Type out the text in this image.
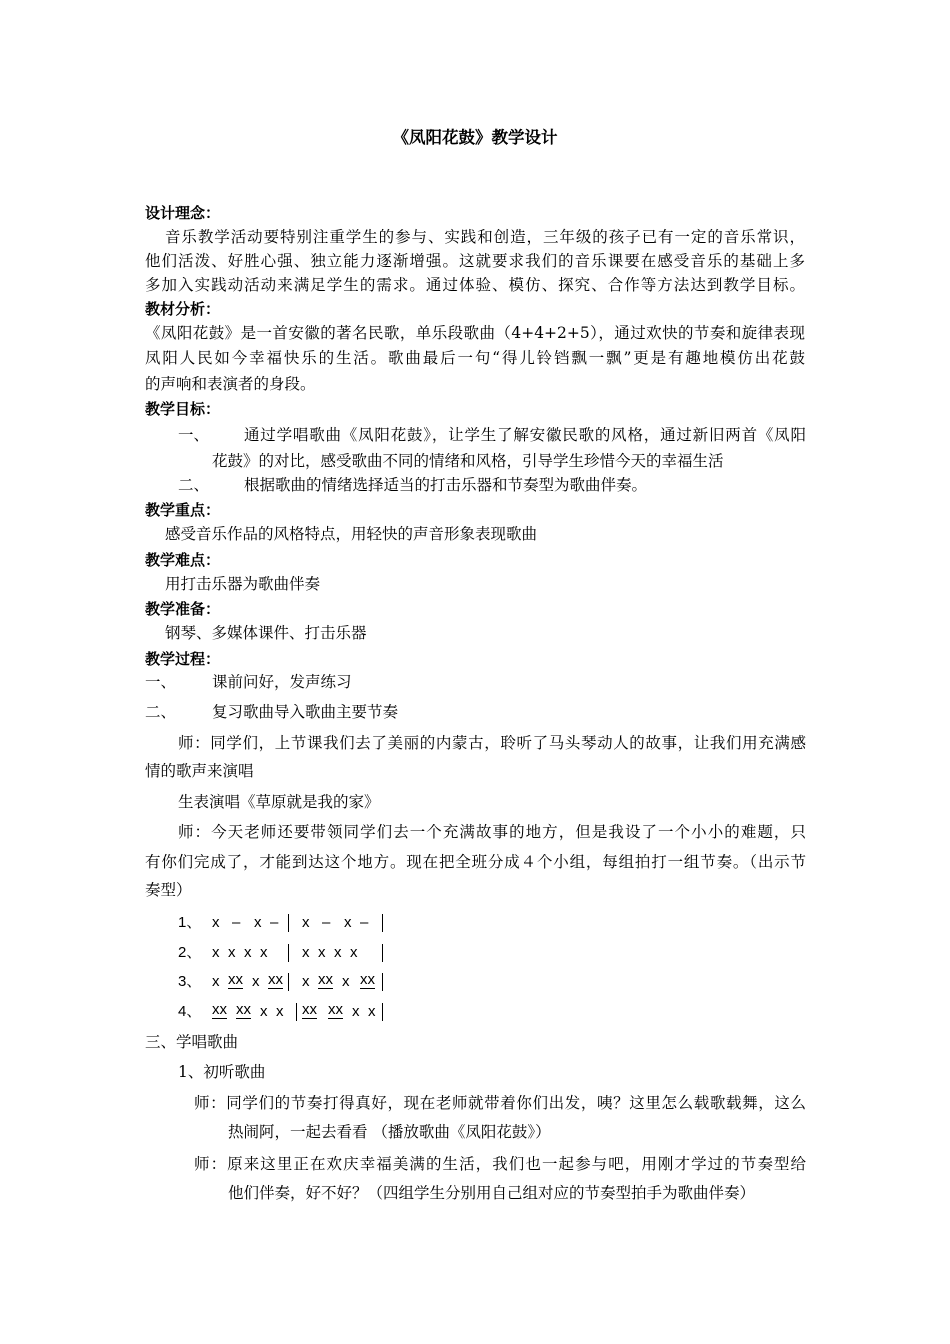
《凤阳花鼓》教学设计
设计理念：
音乐教学活动要特别注重学生的参与、实践和创造，三年级的孩子已有一定的音乐常识，
他们活泼、好胜心强、独立能力逐渐增强。这就要求我们的音乐课要在感受音乐的基础上多
多加入实践动活动来满足学生的需求。通过体验、模仿、探究、合作等方法达到教学目标。
教材分析：
《凤阳花鼓》是一首安徽的著名民歌，单乐段歌曲（4+4+2+5），通过欢快的节奏和旋律表现
凤阳人民如今幸福快乐的生活。歌曲最后一句“得儿铃铛飘一飘”更是有趣地模仿出花鼓
的声响和表演者的身段。
教学目标：
一、 通过学唱歌曲《凤阳花鼓》，让学生了解安徽民歌的风格，通过新旧两首《凤阳
花鼓》的对比，感受歌曲不同的情绪和风格，引导学生珍惜今天的幸福生活
二、 根据歌曲的情绪选择适当的打击乐器和节奏型为歌曲伴奏。
教学重点：
感受音乐作品的风格特点，用轻快的声音形象表现歌曲
教学难点：
用打击乐器为歌曲伴奏
教学准备：
钢琴、多媒体课件、打击乐器
教学过程：
一、 课前问好，发声练习
二、 复习歌曲导入歌曲主要节奏
师：同学们，上节课我们去了美丽的内蒙古，聆听了马头琴动人的故事，让我们用充满感
情的歌声来演唱
生表演唱《草原就是我的家》
师：今天老师还要带领同学们去一个充满故事的地方，但是我设了一个小小的难题，只
有你们完成了，才能到达这个地方。现在把全班分成４个小组，每组拍打一组节奏。（出示节
奏型）
1、 x – x – x – x –
2、 x x x x x x x x
3、 x xx x xx x xx x xx
4、 xx xx x x xx xx x x
三、学唱歌曲
1、初听歌曲
师：同学们的节奏打得真好，现在老师就带着你们出发，咦？这里怎么载歌载舞，这么
热闹阿，一起去看看 （播放歌曲《凤阳花鼓》）
师：原来这里正在欢庆幸福美满的生活，我们也一起参与吧，用刚才学过的节奏型给
他们伴奏，好不好？（四组学生分别用自己组对应的节奏型拍手为歌曲伴奏）
